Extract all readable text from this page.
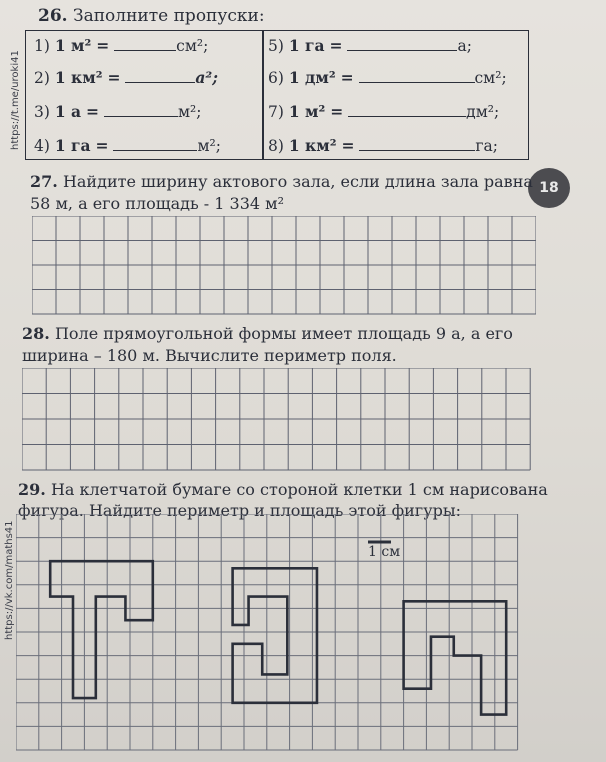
26. Заполните пропуски:
1) 1 м² =	см²;
2) 1 км² =	а²;
3) 1 а =	м²;
4) 1 га =	м²;
5) 1 га =	а;
6) 1 дм² =	см²;
7) 1 м² =	дм²;
8) 1 км² =	га;
https://t.me/uroki41
18
27. Найдите ширину актового зала, если длина зала равна
58 м, а его площадь - 1 334 м²
28. Поле прямоугольной формы имеет площадь 9 а, а его
ширина – 180 м. Вычислите периметр поля.
29. На клетчатой бумаге со стороной клетки 1 см нарисована
фигура. Найдите периметр и площадь этой фигуры:
1 см
https://vk.com/maths41
